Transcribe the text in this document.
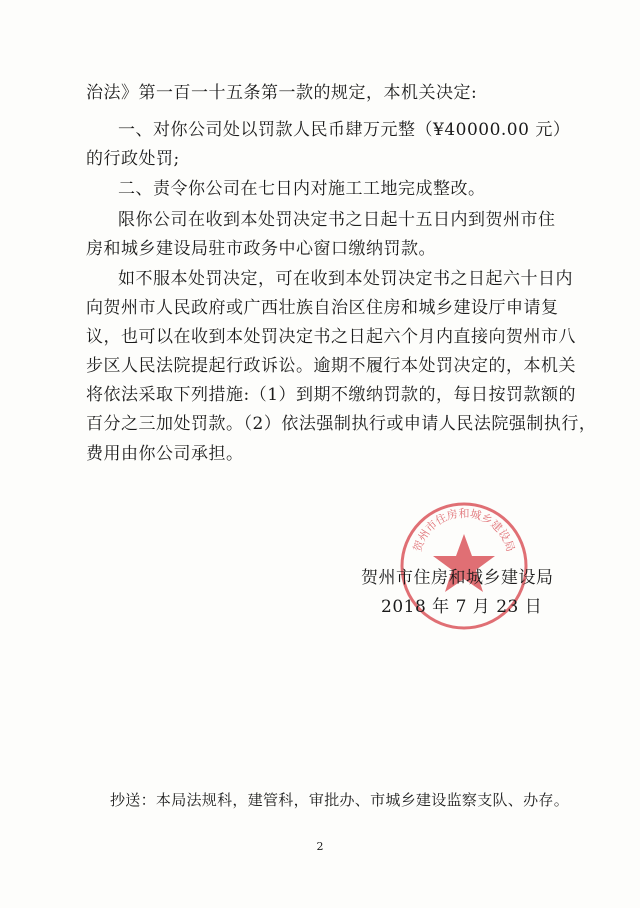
治法》第一百一十五条第一款的规定，本机关决定:
一、对你公司处以罚款人民币肆万元整（¥40000.00 元）
的行政处罚;
二、责令你公司在七日内对施工工地完成整改。
限你公司在收到本处罚决定书之日起十五日内到贺州市住
房和城乡建设局驻市政务中心窗口缴纳罚款。
如不服本处罚决定，可在收到本处罚决定书之日起六十日内
向贺州市人民政府或广西壮族自治区住房和城乡建设厅申请复
议，也可以在收到本处罚决定书之日起六个月内直接向贺州市八
步区人民法院提起行政诉讼。逾期不履行本处罚决定的，本机关
将依法采取下列措施:（1）到期不缴纳罚款的，每日按罚款额的
百分之三加处罚款。（2）依法强制执行或申请人民法院强制执行，
费用由你公司承担。
贺州市住房和城乡建设局
贺州市住房和城乡建设局
2018 年 7 月 23 日
抄送：本局法规科，建管科，审批办、市城乡建设监察支队、办存。
2
